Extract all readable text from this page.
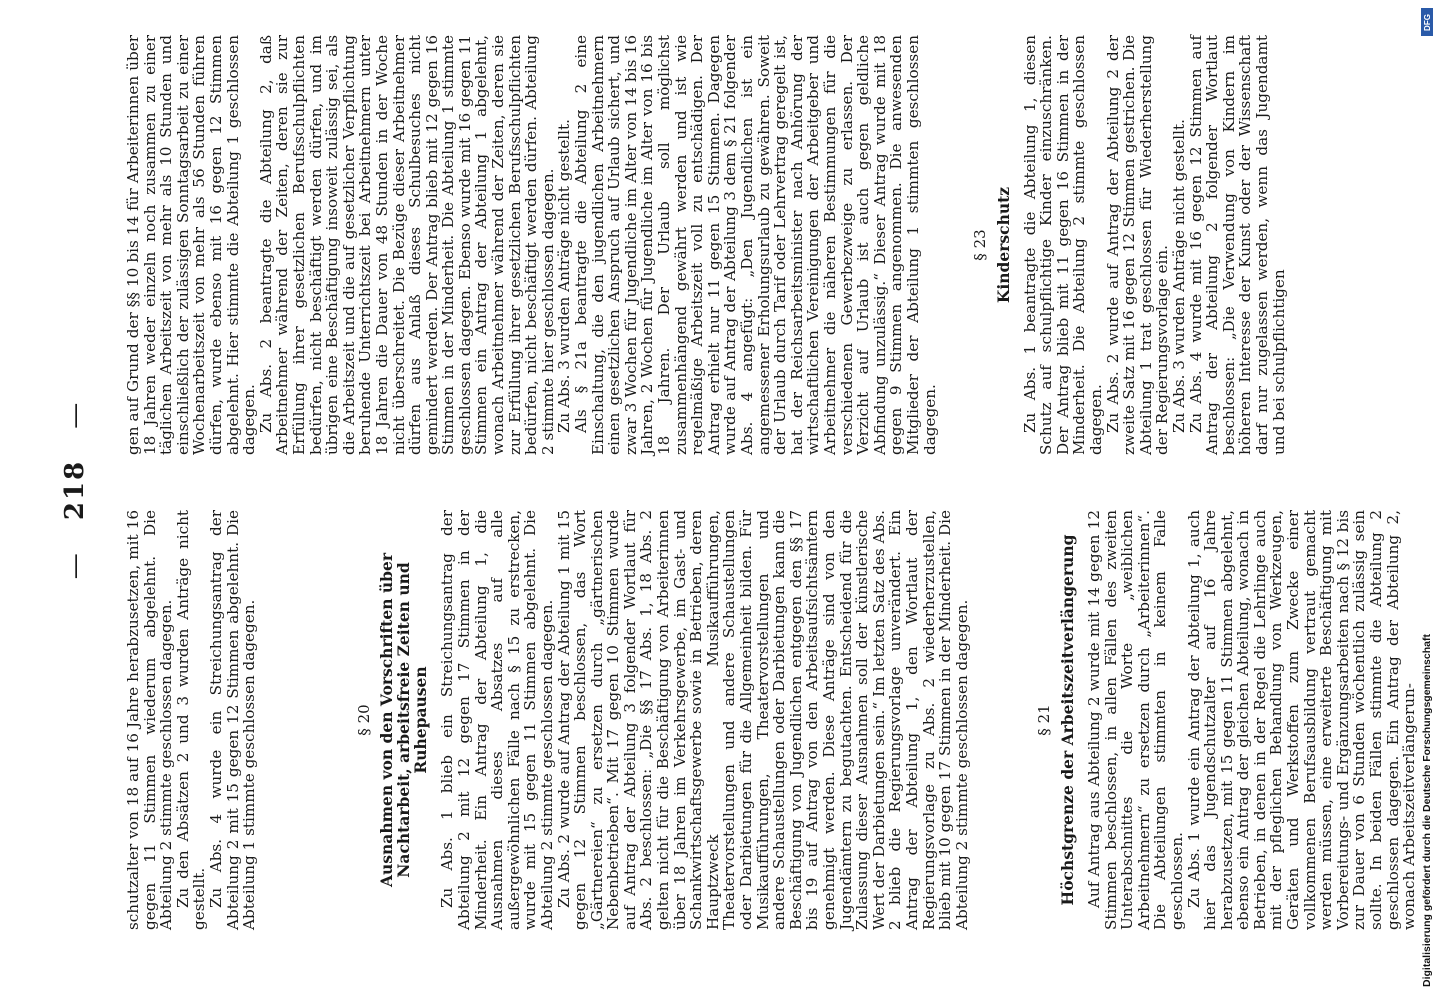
— 218 —

schutzalter von 18 auf 16 Jahre herabzusetzen, mit 16 gegen 11 Stimmen wiederum abgelehnt. Die Abteilung 2 stimmte geschlossen dagegen.

Zu den Absätzen 2 und 3 wurden Anträge nicht gestellt.

Zu Abs. 4 wurde ein Streichungsantrag der Abteilung 2 mit 15 gegen 12 Stimmen abgelehnt. Die Abteilung 1 stimmte geschlossen dagegen.	§ 20 Ausnahmen von den Vorschriften über Nachtarbeit, arbeitsfreie Zeiten und Ruhepausen Zu Abs. 1 blieb ein Streichungsantrag der Abteilung 2 mit 12 gegen 17 Stimmen in der Minderheit. Ein Antrag der Abteilung 1, die Ausnahmen dieses Absatzes auf alle außergewöhnlichen Fälle nach § 15 zu erstrecken, wurde mit 15 gegen 11 Stimmen abgelehnt. Die Abteilung 2 stimmte geschlossen dagegen.

Zu Abs. 2 wurde auf Antrag der Abteilung 1 mit 15 gegen 12 Stimmen beschlossen, das Wort „Gärtnereien“ zu ersetzen durch „gärtnerischen Nebenbetrieben“. Mit 17 gegen 10 Stimmen wurde auf Antrag der Abteilung 3 folgender Wortlaut für Abs. 2 beschlossen: „Die §§ 17 Abs. 1, 18 Abs. 2 gelten nicht für die Beschäftigung von Arbeiterinnen über 18 Jahren im Verkehrsgewerbe, im Gast- und Schankwirtschaftsgewerbe sowie in Betrieben, deren Hauptzweck Musikaufführungen, Theatervorstellungen und andere Schaustellungen oder Darbietungen für die Allgemeinheit bilden. Für Musikaufführungen, Theatervorstellungen und andere Schaustellungen oder Darbietungen kann die Beschäftigung von Jugendlichen entgegen den §§ 17 bis 19 auf Antrag von den Arbeitsaufsichtsämtern genehmigt werden. Diese Anträge sind von den Jugendämtern zu begutachten. Entscheidend für die Zulassung dieser Ausnahmen soll der künstlerische Wert der Darbietungen sein.“ Im letzten Satz des Abs. 2 blieb die Regierungsvorlage unverändert. Ein Antrag der Abteilung 1, den Wortlaut der Regierungsvorlage zu Abs. 2 wiederherzustellen, blieb mit 10 gegen 17 Stimmen in der Minderheit. Die Abteilung 2 stimmte geschlossen dagegen.	§ 21 Höchstgrenze der Arbeitszeitverlängerung Auf Antrag aus Abteilung 2 wurde mit 14 gegen 12 Stimmen beschlossen, in allen Fällen des zweiten Unterabschnittes die Worte „weiblichen Arbeitnehmern“ zu ersetzen durch „Arbeiterinnen“. Die Abteilungen stimmten in keinem Falle geschlossen.

Zu Abs. 1 wurde ein Antrag der Abteilung 1, auch hier das Jugendschutzalter auf 16 Jahre herabzusetzen, mit 15 gegen 11 Stimmen abgelehnt, ebenso ein Antrag der gleichen Abteilung, wonach in Betrieben, in denen in der Regel die Lehrlinge auch mit der pfleglichen Behandlung von Werkzeugen, Geräten und Werkstoffen zum Zwecke einer vollkommenen Berufsausbildung vertraut gemacht werden müssen, eine erweiterte Beschäftigung mit Vorbereitungs- und Ergänzungsarbeiten nach § 12 bis zur Dauer von 6 Stunden wöchentlich zulässig sein sollte. In beiden Fällen stimmte die Abteilung 2 geschlossen dagegen. Ein Antrag der Abteilung 2, wonach Arbeitszeitverlängerun-

gen auf Grund der §§ 10 bis 14 für Arbeiterinnen über 18 Jahren weder einzeln noch zusammen zu einer täglichen Arbeitszeit von mehr als 10 Stunden und einschließlich der zulässigen Sonntagsarbeit zu einer Wochenarbeitszeit von mehr als 56 Stunden führen dürfen, wurde ebenso mit 16 gegen 12 Stimmen abgelehnt. Hier stimmte die Abteilung 1 geschlossen dagegen.

Zu Abs. 2 beantragte die Abteilung 2, daß Arbeitnehmer während der Zeiten, deren sie zur Erfüllung ihrer gesetzlichen Berufsschulpflichten bedürfen, nicht beschäftigt werden dürfen, und im übrigen eine Beschäftigung insoweit zulässig sei, als die Arbeitszeit und die auf gesetzlicher Verpflichtung beruhende Unterrichtszeit bei Arbeitnehmern unter 18 Jahren die Dauer von 48 Stunden in der Woche nicht überschreitet. Die Bezüge dieser Arbeitnehmer dürfen aus Anlaß dieses Schulbesuches nicht gemindert werden. Der Antrag blieb mit 12 gegen 16 Stimmen in der Minderheit. Die Abteilung 1 stimmte geschlossen dagegen. Ebenso wurde mit 16 gegen 11 Stimmen ein Antrag der Abteilung 1 abgelehnt, wonach Arbeitnehmer während der Zeiten, deren sie zur Erfüllung ihrer gesetzlichen Berufsschulpflichten bedürfen, nicht beschäftigt werden dürfen. Abteilung 2 stimmte hier geschlossen dagegen.

Zu Abs. 3 wurden Anträge nicht gestellt.

Als § 21a beantragte die Abteilung 2 eine Einschaltung, die den jugendlichen Arbeitnehmern einen gesetzlichen Anspruch auf Urlaub sichert, und zwar 3 Wochen für Jugendliche im Alter von 14 bis 16 Jahren, 2 Wochen für Jugendliche im Alter von 16 bis 18 Jahren. Der Urlaub soll möglichst zusammenhängend gewährt werden und ist wie regelmäßige Arbeitszeit voll zu entschädigen. Der Antrag erhielt nur 11 gegen 15 Stimmen. Dagegen wurde auf Antrag der Abteilung 3 dem § 21 folgender Abs. 4 angefügt: „Den Jugendlichen ist ein angemessener Erholungsurlaub zu gewähren. Soweit der Urlaub durch Tarif oder Lehrvertrag geregelt ist, hat der Reichsarbeitsminister nach Anhörung der wirtschaftlichen Vereinigungen der Arbeitgeber und Arbeitnehmer die näheren Bestimmungen für die verschiedenen Gewerbezweige zu erlassen. Der Verzicht auf Urlaub ist auch gegen geldliche Abfindung unzulässig.“ Dieser Antrag wurde mit 18 gegen 9 Stimmen angenommen. Die anwesenden Mitglieder der Abteilung 1 stimmten geschlossen dagegen.

§ 23 Kinderschutz Zu Abs. 1 beantragte die Abteilung 1, diesen Schutz auf schulpflichtige Kinder einzuschränken. Der Antrag blieb mit 11 gegen 16 Stimmen in der Minderheit. Die Abteilung 2 stimmte geschlossen dagegen.

Zu Abs. 2 wurde auf Antrag der Abteilung 2 der zweite Satz mit 16 gegen 12 Stimmen gestrichen. Die Abteilung 1 trat geschlossen für Wiederherstellung der Regierungsvorlage ein.

Zu Abs. 3 wurden Anträge nicht gestellt.

Zu Abs. 4 wurde mit 16 gegen 12 Stimmen auf Antrag der Abteilung 2 folgender Wortlaut beschlossen: „Die Verwendung von Kindern im höheren Interesse der Kunst oder der Wissenschaft darf nur zugelassen werden, wenn das Jugendamt und bei schulpflichtigen

Digitalisierung gefördert durch die Deutsche Forschungsgemeinschaft
DFG
